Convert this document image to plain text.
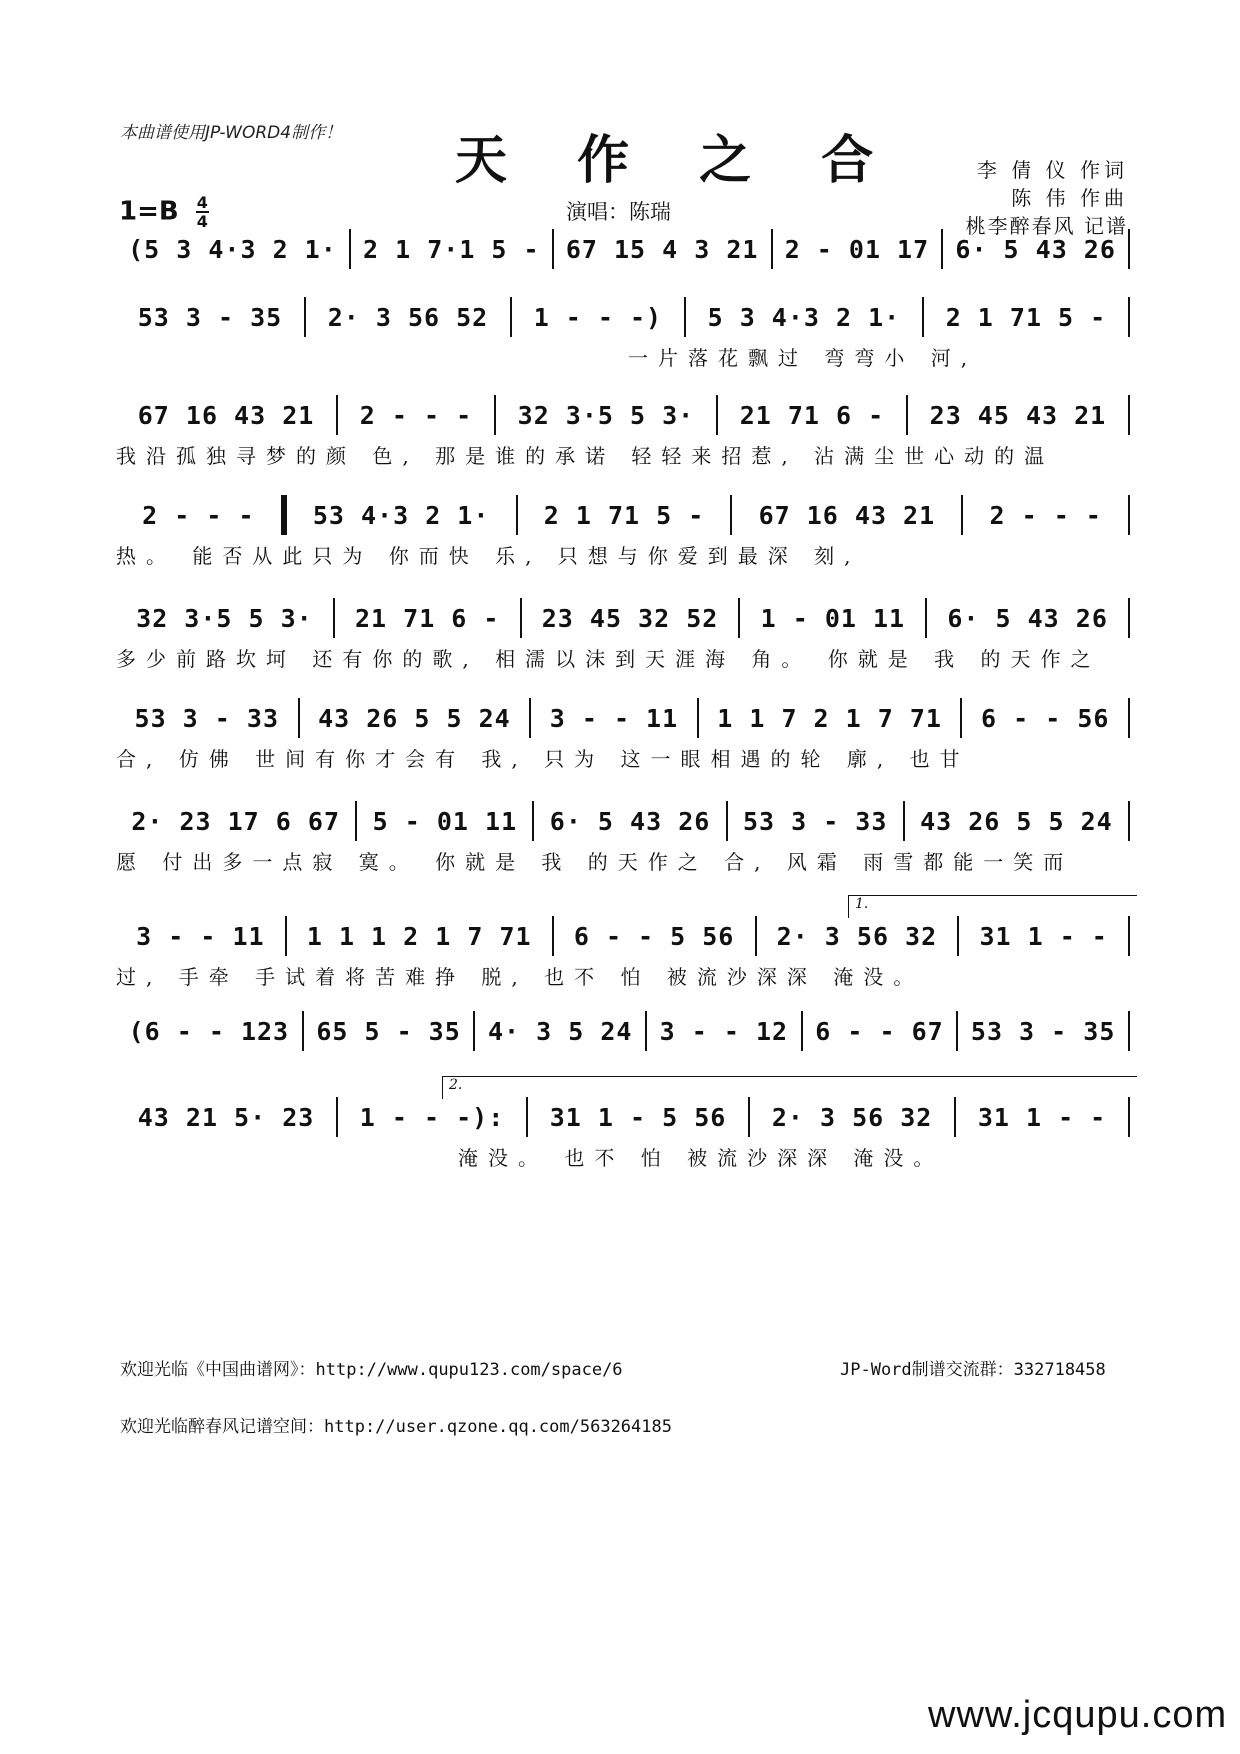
本曲谱使用JP-WORD4制作！ 天 作 之 合
演唱：陈瑞
$1=B \frac{4}{4}$
李 倩 仪 作词
陈 伟 作曲
桃李醉春风 记谱
(5 3 4·3 2 1·	2 1 7·1 5 -	67 15 4 3 21	2 - 01 17	6· 5 43 26
53 3 - 35	2· 3 56 52	1 - - -)	5 3 4·3 2 1·	2 1 71 5 -
一片落花飘过 弯弯小 河,
67 16 43 21	2 - - -	32 3·5 5 3·	21 71 6 -	23 45 43 21
我沿孤独寻梦的颜 色, 那是谁的承诺 轻轻来招惹, 沾满尘世心动的温
2 - - -	53 4·3 2 1·	2 1 71 5 -	67 16 43 21	2 - - -
热。 能否从此只为 你而快 乐, 只想与你爱到最深 刻,
32 3·5 5 3·	21 71 6 -	23 45 32 52	1 - 01 11	6· 5 43 26
多少前路坎坷 还有你的歌, 相濡以沫到天涯海 角。 你就是 我 的天作之
53 3 - 33	43 26 5 5 24	3 - - 11	1 1 7 2 1 7 71	6 - - 56
合, 仿佛 世间有你才会有 我, 只为 这一眼相遇的轮 廓, 也甘
2· 23 17 6 67	5 - 01 11	6· 5 43 26	53 3 - 33	43 26 5 5 24
愿 付出多一点寂 寞。 你就是 我 的天作之 合, 风霜 雨雪都能一笑而
1.
3 - - 11	1 1 1 2 1 7 71	6 - - 5 56	2· 3 56 32	31 1 - -
过, 手牵 手试着将苦难挣 脱, 也不 怕 被流沙深深 淹没。
(6 - - 123	65 5 - 35	4· 3 5 24	3 - - 12	6 - - 67	53 3 - 35
2.
43 21 5· 23	1 - - -):	31 1 - 5 56	2· 3 56 32	31 1 - -
淹没。 也不 怕 被流沙深深 淹没。
欢迎光临《中国曲谱网》：http://www.qupu123.com/space/6	JP-Word制谱交流群：332718458
欢迎光临醉春风记谱空间：http://user.qzone.qq.com/563264185
www.jcqupu.com
